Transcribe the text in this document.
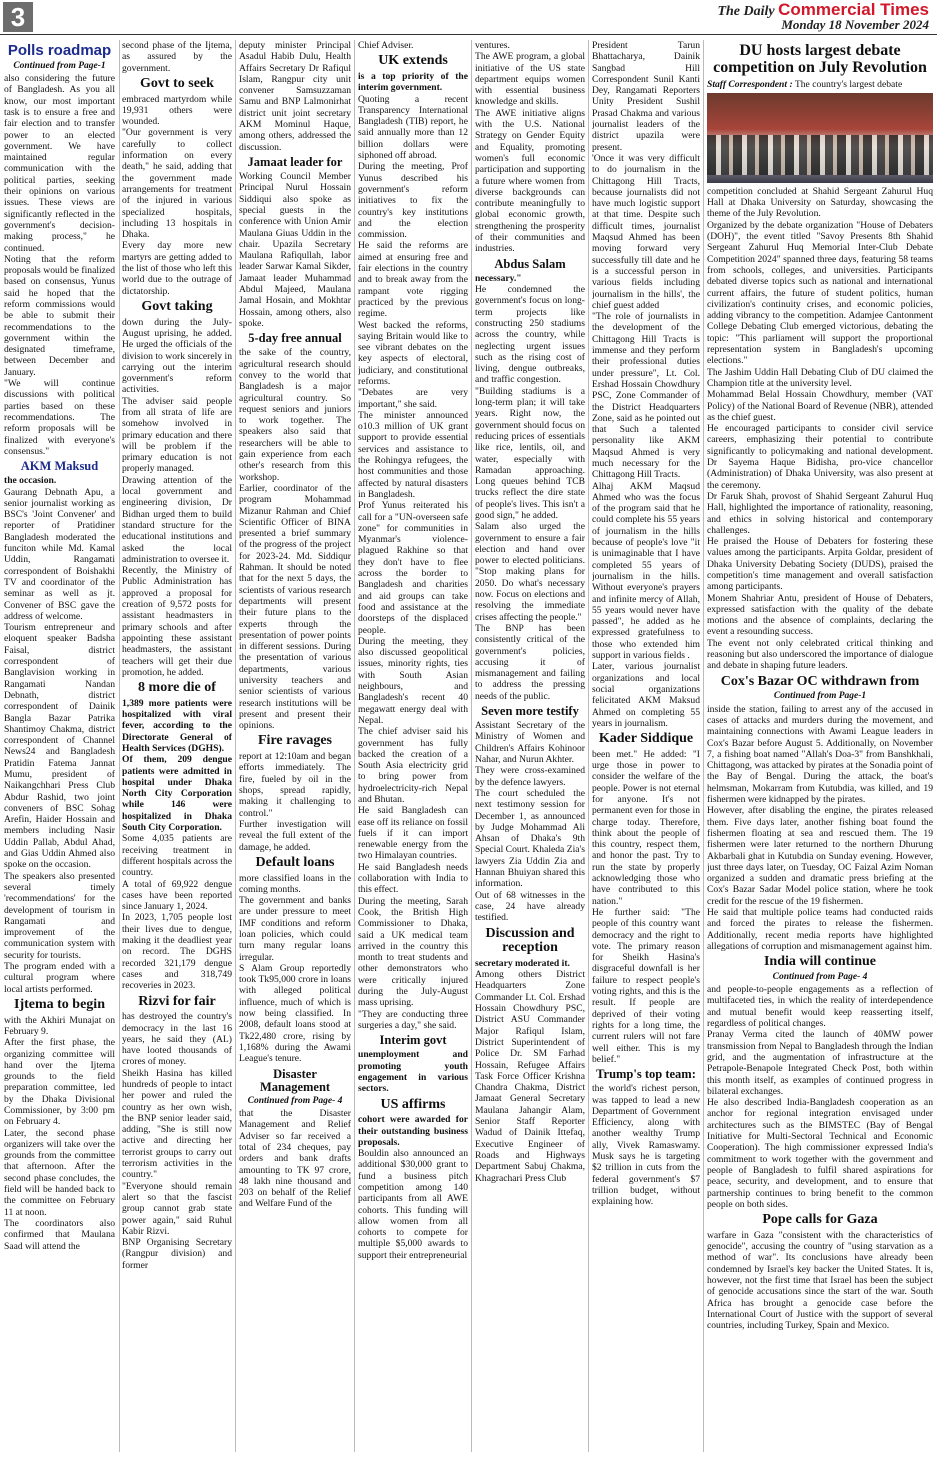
3	The Daily Commercial Times
Monday 18 November 2024
Polls roadmap
Continued from Page-1

also considering the future of Bangladesh. As you all know, our most important task is to ensure a free and fair election and to transfer power to an elected government. We have maintained regular communication with the political parties, seeking their opinions on various issues. These views are significantly reflected in the government's decision-making process," he continued.

Noting that the reform proposals would be finalized based on consensus, Yunus said he hoped that the reform commissions would be able to submit their recommendations to the government within the designated timeframe, between December and January.

"We will continue discussions with political parties based on these recommendations. The reform proposals will be finalized with everyone's consensus."

AKM Maksud

the occasion.

Gaurang Debnath Apu, a senior journalist working as BSC's 'Joint Convener' and reporter of Pratidiner Bangladesh moderated the funciton while Md. Kamal Uddin, Rangamati correspondent of Boishakhi TV and coordinator of the seminar as well as jt. Convener of BSC gave the address of welcome.

Tourism entrepreneur and eloquent speaker Badsha Faisal, district correspondent of Banglavision working in Rangamati Nandan Debnath, district correspondent of Dainik Bangla Bazar Patrika Shantimoy Chakma, district correspondent of Channel News24 and Bangladesh Pratidin Fatema Jannat Mumu, president of Naikangchhari Press Club Abdur Rashid, two joint conveners of BSC Sohag Arefin, Haider Hossain and members including Nasir Uddin Pallab, Abdul Ahad, and Gias Uddin Ahmed also spoke on the occasion.

The speakers also presented several timely 'recommendations' for the development of tourism in Rangamati and improvement of the communication system with security for tourists.

The program ended with a cultural program where local artists performed.

Ijtema to begin

with the Akhiri Munajat on February 9.

After the first phase, the organizing committee will hand over the Ijtema grounds to the field preparation committee, led by the Dhaka Divisional Commissioner, by 3:00 pm on February 4.

Later, the second phase organizers will take over the grounds from the committee that afternoon. After the second phase concludes, the field will be handed back to the committee on February 11 at noon.

The coordinators also confirmed that Maulana Saad will attend the

second phase of the Ijtema, as assured by the government.

Govt to seek

embraced martyrdom while 19,931 others were wounded.

"Our government is very carefully to collect information on every death," he said, adding that the government made arrangements for treatment of the injured in various specialized hospitals, including 13 hospitals in Dhaka.

Every day more new martyrs are getting added to the list of those who left this world due to the outrage of dictatorship.

Govt taking

down during the July-August uprising, he added. He urged the officials of the division to work sincerely in carrying out the interim government's reform activities.

The adviser said people from all strata of life are somehow involved in primary education and there will be problem if the primary education is not properly managed.

Drawing attention of the local government and engineering division, Dr Bidhan urged them to build standard structure for the educational institutions and asked the local administration to oversee it.

Recently, the Ministry of Public Administration has approved a proposal for creation of 9,572 posts for assistant headmasters in primary schools and after appointing these assistant headmasters, the assistant teachers will get their due promotion, he added.

8 more die of

1,389 more patients were hospitalized with viral fever, according to the Directorate General of Health Services (DGHS).

Of them, 209 dengue patients were admitted in hospital under Dhaka North City Corporation while 146 were hospitalized in Dhaka South City Corporation.

Some 4,035 patients are receiving treatment in different hospitals across the country.

A total of 69,922 dengue cases have been reported since January 1, 2024.

In 2023, 1,705 people lost their lives due to dengue, making it the deadliest year on record. The DGHS recorded 321,179 dengue cases and 318,749 recoveries in 2023.

Rizvi for fair

has destroyed the country's democracy in the last 16 years, he said they (AL) have looted thousands of crores of money.

Sheikh Hasina has killed hundreds of people to intact her power and ruled the country as her own wish, the BNP senior leader said, adding, "She is still now active and directing her terrorist groups to carry out terrorism activities in the country."

"Everyone should remain alert so that the fascist group cannot grab state power again," said Ruhul Kabir Rizvi.

BNP Organising Secretary (Rangpur division) and former

deputy minister Principal Asadul Habib Dulu, Health Affairs Secretary Dr Rafiqul Islam, Rangpur city unit convener Samsuzzaman Samu and BNP Lalmonirhat district unit joint secretary AKM Mominul Haque, among others, addressed the discussion.

Jamaat leader for

Working Council Member Principal Nurul Hossain Siddiqui also spoke as special guests in the conference with Union Amir Maulana Giuas Uddin in the chair. Upazila Secretary Maulana Rafiqullah, labor leader Sarwar Kamal Sikder, Jamaat leader Muhammad Abdul Majeed, Maulana Jamal Hosain, and Mokhtar Hossain, among others, also spoke.

5-day free annual

the sake of the country, agricultural research should convey to the world that Bangladesh is a major agricultural country. So request seniors and juniors to work together. The speakers also said that researchers will be able to gain experience from each other's research from this workshop.

Earlier, coordinator of the program Mohammad Mizanur Rahman and Chief Scientific Officer of BINA presented a brief summary of the progress of the project for 2023-24. Md. Siddiqur Rahman. It should be noted that for the next 5 days, the scientists of various research departments will present their future plans to the experts through the presentation of power points in different sessions. During the presentation of various departments, various university teachers and senior scientists of various research institutions will be present and present their opinions.

Fire ravages

report at 12:10am and began efforts immediately. The fire, fueled by oil in the shops, spread rapidly, making it challenging to control."

Further investigation will reveal the full extent of the damage, he added.

Default loans

more classified loans in the coming months.

The government and banks are under pressure to meet IMF conditions and reform loan policies, which could turn many regular loans irregular.

S Alam Group reportedly took Tk95,000 crore in loans with alleged political influence, much of which is now being classified. In 2008, default loans stood at Tk22,480 crore, rising by 1,168% during the Awami League's tenure.

Disaster Management
Continued from Page- 4

that the Disaster Management and Relief Adviser so far received a total of 234 cheques, pay orders and bank drafts amounting to TK 97 crore, 48 lakh nine thousand and 203 on behalf of the Relief and Welfare Fund of the

Chief Adviser.

UK extends

is a top priority of the interim government.

Quoting a recent Transparency International Bangladesh (TIB) report, he said annually more than 12 billion dollars were siphoned off abroad.

During the meeting, Prof Yunus described his government's reform initiatives to fix the country's key institutions and the election commission.

He said the reforms are aimed at ensuring free and fair elections in the country and to break away from the rampant vote rigging practiced by the previous regime.

West backed the reforms, saying Britain would like to see vibrant debates on the key aspects of electoral, judiciary, and constitutional reforms.

"Debates are very important," she said.

The minister announced o10.3 million of UK grant support to provide essential services and assistance to the Rohingya refugees, the host communities and those affected by natural disasters in Bangladesh.

Prof Yunus reiterated his call for a "UN-overseen safe zone" for communities in Myanmar's violence-plagued Rakhine so that they don't have to flee across the border to Bangladesh and charities and aid groups can take food and assistance at the doorsteps of the displaced people.

During the meeting, they also discussed geopolitical issues, minority rights, ties with South Asian neighbours, and Bangladesh's recent 40 megawatt energy deal with Nepal.

The chief adviser said his government has fully backed the creation of a South Asia electricity grid to bring power from hydroelectricity-rich Nepal and Bhutan.

He said Bangladesh can ease off its reliance on fossil fuels if it can import renewable energy from the two Himalayan countries.

He said Bangladesh needs collaboration with India to this effect.

During the meeting, Sarah Cook, the British High Commissioner to Dhaka, said a UK medical team arrived in the country this month to treat students and other demonstrators who were critically injured during the July-August mass uprising.

"They are conducting three surgeries a day," she said.

Interim govt

unemployment and promoting youth engagement in various sectors.

US affirms

cohort were awarded for their outstanding business proposals.

Bouldin also announced an additional $30,000 grant to fund a business pitch competition among 140 participants from all AWE cohorts. This funding will allow women from all cohorts to compete for multiple $5,000 awards to support their entrepreneurial

ventures.

The AWE program, a global initiative of the US state department equips women with essential business knowledge and skills.

The AWE initiative aligns with the U.S. National Strategy on Gender Equity and Equality, promoting women's full economic participation and supporting a future where women from diverse backgrounds can contribute meaningfully to global economic growth, strengthening the prosperity of their communities and industries.

Abdus Salam

necessary."

He condemned the government's focus on long-term projects like constructing 250 stadiums across the country, while neglecting urgent issues such as the rising cost of living, dengue outbreaks, and traffic congestion.

"Building stadiums is a long-term plan; it will take years. Right now, the government should focus on reducing prices of essentials like rice, lentils, oil, and water, especially with Ramadan approaching. Long queues behind TCB trucks reflect the dire state of people's lives. This isn't a good sign," he added.

Salam also urged the government to ensure a fair election and hand over power to elected politicians. "Stop making plans for 2050. Do what's necessary now. Focus on elections and resolving the immediate crises affecting the people."

The BNP has been consistently critical of the government's policies, accusing it of mismanagement and failing to address the pressing needs of the public.

Seven more testify

Assistant Secretary of the Ministry of Women and Children's Affairs Kohinoor Nahar, and Nurun Akhter.

They were cross-examined by the defence lawyers.

The court scheduled the next testimony session for December 1, as announced by Judge Mohammad Ali Ahsan of Dhaka's 9th Special Court. Khaleda Zia's lawyers Zia Uddin Zia and Hannan Bhuiyan shared this information.

Out of 68 witnesses in the case, 24 have already testified.

Discussion and reception

secretary moderated it.

Among others District Headquarters Zone Commander Lt. Col. Ershad Hossain Chowdhury PSC, District ASU Commander Major Rafiqul Islam, District Superintendent of Police Dr. SM Farhad Hossain, Refugee Affairs Task Force Officer Krishna Chandra Chakma, District Jamaat General Secretary Maulana Jahangir Alam, Senior Staff Reporter Wadud of Dainik Ittefaq, Executive Engineer of Roads and Highways Department Sabuj Chakma, Khagrachari Press Club

President Tarun Bhattacharya, Dainik Sangbad Hill Correspondent Sunil Kanti Dey, Rangamati Reporters Unity President Sushil Prasad Chakma and various journalist leaders of the district upazila were present.

'Once it was very difficult to do journalism in the Chittagong Hill Tracts, because journalists did not have much logistic support at that time. Despite such difficult times, journalist Maqsud Ahmed has been moving forward very successfully till date and he is a successful person in various fields including journalism in the hills', the chief guest added

"The role of journalists in the development of the Chittagong Hill Tracts is immense and they perform their professional duties under pressure", Lt. Col. Ershad Hossain Chowdhury PSC, Zone Commander of the District Headquarters Zone, said as he pointed out that Such a talented personality like AKM Maqsud Ahmed is very much necessary for the Chittagong Hill Tracts.

Alhaj AKM Maqsud Ahmed who was the focus of the program said that he could complete his 55 years of journalism in the hills because of people's love "it is unimaginable that I have completed 55 years of journalism in the hills. Without everyone's prayers and infinite mercy of Allah, 55 years would never have passed", he added as he expressed gratefulness to those who extended him support in various fields .

Later, various journalist organizations and local social organizations felicitated AKM Maksud Ahmed on completing 55 years in journalism.

Kader Siddique

been met." He added: "I urge those in power to consider the welfare of the people. Power is not eternal for anyone. It's not permanent even for those in charge today. Therefore, think about the people of this country, respect them, and honor the past. Try to run the state by properly acknowledging those who have contributed to this nation."

He further said: "The people of this country want democracy and the right to vote. The primary reason for Sheikh Hasina's disgraceful downfall is her failure to respect people's voting rights, and this is the result. If people are deprived of their voting rights for a long time, the current rulers will not fare well either. This is my belief."

Trump's top team:

the world's richest person, was tapped to lead a new Department of Government Efficiency, along with another wealthy Trump ally, Vivek Ramaswamy. Musk says he is targeting $2 trillion in cuts from the federal government's $7 trillion budget, without explaining how.

DU hosts largest debate competition on July Revolution

Staff Correspondent : The country's largest debate

competition concluded at Shahid Sergeant Zahurul Huq Hall at Dhaka University on Saturday, showcasing the theme of the July Revolution.

Organized by the debate organization "House of Debaters (DOH)", the event titled "Savoy Presents 8th Shahid Sergeant Zahurul Huq Memorial Inter-Club Debate Competition 2024" spanned three days, featuring 58 teams from schools, colleges, and universities. Participants debated diverse topics such as national and international current affairs, the future of student politics, human civilization's continuity crises, and economic policies, adding vibrancy to the competition. Adamjee Cantonment College Debating Club emerged victorious, debating the topic: "This parliament will support the proportional representation system in Bangladesh's upcoming elections."

The Jashim Uddin Hall Debating Club of DU claimed the Champion title at the university level.

Mohammad Belal Hossain Chowdhury, member (VAT Policy) of the National Board of Revenue (NBR), attended as the chief guest.

He encouraged participants to consider civil service careers, emphasizing their potential to contribute significantly to policymaking and national development. Dr Sayema Haque Bidisha, pro-vice chancellor (Administration) of Dhaka University, was also present at the ceremony.

Dr Faruk Shah, provost of Shahid Sergeant Zahurul Huq Hall, highlighted the importance of rationality, reasoning, and ethics in solving historical and contemporary challenges.

He praised the House of Debaters for fostering these values among the participants. Arpita Goldar, president of Dhaka University Debating Society (DUDS), praised the competition's time management and overall satisfaction among participants.

Monem Shahriar Antu, president of House of Debaters, expressed satisfaction with the quality of the debate motions and the absence of complaints, declaring the event a resounding success.

The event not only celebrated critical thinking and reasoning but also underscored the importance of dialogue and debate in shaping future leaders.

Cox's Bazar OC withdrawn from
Continued from Page-1

inside the station, failing to arrest any of the accused in cases of attacks and murders during the movement, and maintaining connections with Awami League leaders in Cox's Bazar before August 5. Additionally, on November 7, a fishing boat named "Allah's Doa-3" from Banshkhali, Chittagong, was attacked by pirates at the Sonadia point of the Bay of Bengal. During the attack, the boat's helmsman, Mokarram from Kutubdia, was killed, and 19 fishermen were kidnapped by the pirates.

However, after disabling the engine, the pirates released them. Five days later, another fishing boat found the fishermen floating at sea and rescued them. The 19 fishermen were later returned to the northern Dhurung Akbarbali ghat in Kutubdia on Sunday evening. However, just three days later, on Tuesday, OC Faizal Azim Noman organized a sudden and dramatic press briefing at the Cox's Bazar Sadar Model police station, where he took credit for the rescue of the 19 fishermen.

He said that multiple police teams had conducted raids and forced the pirates to release the fishermen. Additionally, recent media reports have highlighted allegations of corruption and mismanagement against him.

India will continue
Continued from Page- 4

and people-to-people engagements as a reflection of multifaceted ties, in which the reality of interdependence and mutual benefit would keep reasserting itself, regardless of political changes.

Pranay Verma cited the launch of 40MW power transmission from Nepal to Bangladesh through the Indian grid, and the augmentation of infrastructure at the Petrapole-Benapole Integrated Check Post, both within this month itself, as examples of continued progress in bilateral exchanges.

He also described India-Bangladesh cooperation as an anchor for regional integration envisaged under architectures such as the BIMSTEC (Bay of Bengal Initiative for Multi-Sectoral Technical and Economic Cooperation). The high commissioner expressed India's commitment to work together with the government and people of Bangladesh to fulfil shared aspirations for peace, security, and development, and to ensure that partnership continues to bring benefit to the common people on both sides.

Pope calls for Gaza

warfare in Gaza "consistent with the characteristics of genocide", accusing the country of "using starvation as a method of war". Its conclusions have already been condemned by Israel's key backer the United States. It is, however, not the first time that Israel has been the subject of genocide accusations since the start of the war. South Africa has brought a genocide case before the International Court of Justice with the support of several countries, including Turkey, Spain and Mexico.
